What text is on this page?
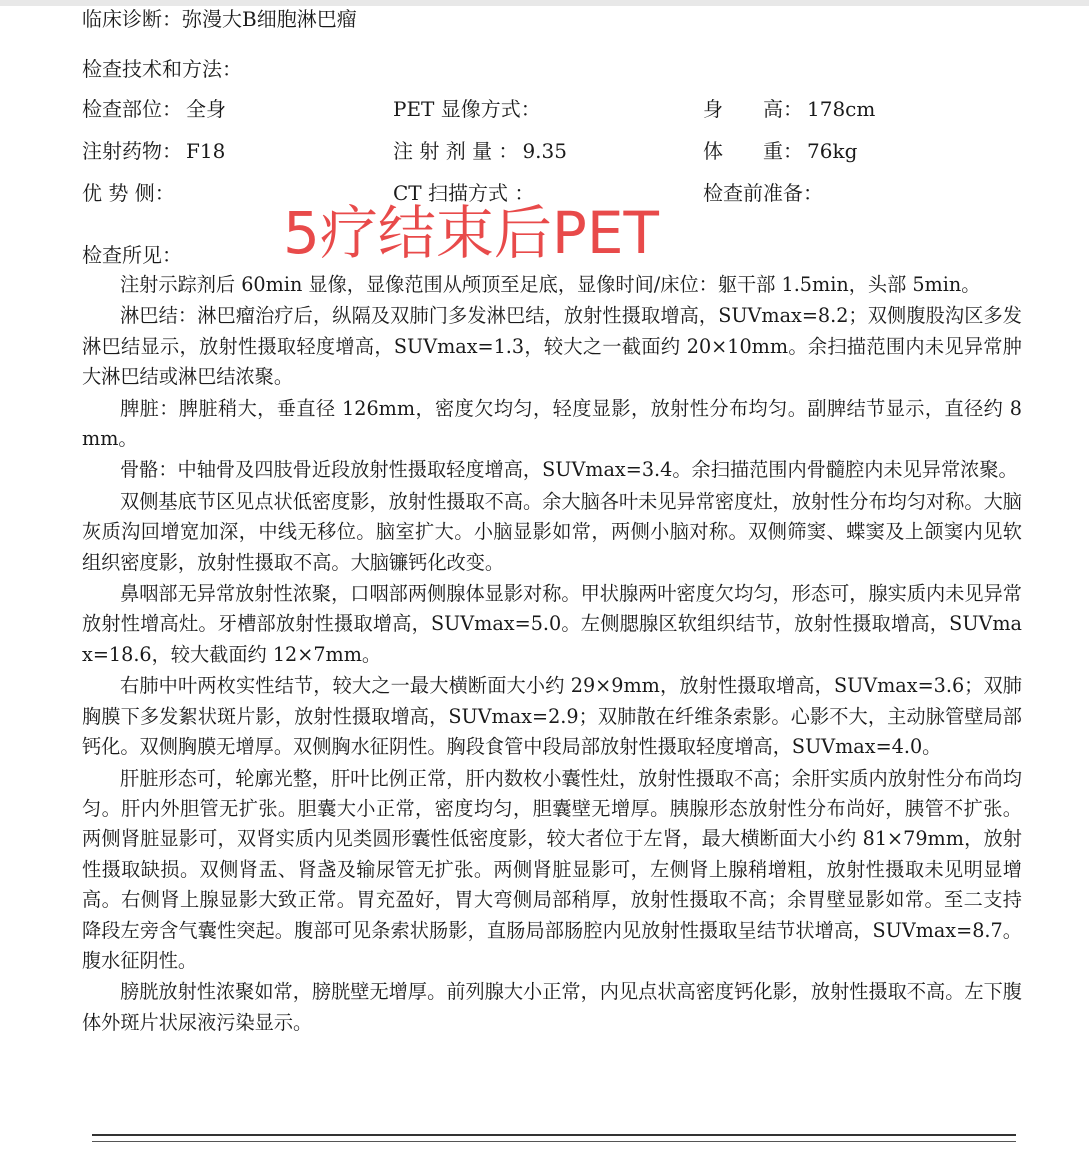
临床诊断：弥漫大B细胞淋巴瘤
检查技术和方法：
检查部位： 全身	PET 显像方式：	身　　高： 178cm
注射药物： F18	注 射 剂 量 ： 9.35	体　　重： 76kg
优 势 侧：	CT 扫描方式 ：	检查前准备：
5疗结束后PET
检查所见：

注射示踪剂后 60min 显像，显像范围从颅顶至足底，显像时间/床位：躯干部 1.5min，头部 5min。

淋巴结：淋巴瘤治疗后，纵隔及双肺门多发淋巴结，放射性摄取增高，SUVmax=8.2；双侧腹股沟区多发淋巴结显示，放射性摄取轻度增高，SUVmax=1.3，较大之一截面约 20×10mm。余扫描范围内未见异常肿大淋巴结或淋巴结浓聚。

脾脏：脾脏稍大，垂直径 126mm，密度欠均匀，轻度显影，放射性分布均匀。副脾结节显示，直径约 8mm。

骨骼：中轴骨及四肢骨近段放射性摄取轻度增高，SUVmax=3.4。余扫描范围内骨髓腔内未见异常浓聚。

双侧基底节区见点状低密度影，放射性摄取不高。余大脑各叶未见异常密度灶，放射性分布均匀对称。大脑灰质沟回增宽加深，中线无移位。脑室扩大。小脑显影如常，两侧小脑对称。双侧筛窦、蝶窦及上颌窦内见软组织密度影，放射性摄取不高。大脑镰钙化改变。

鼻咽部无异常放射性浓聚，口咽部两侧腺体显影对称。甲状腺两叶密度欠均匀，形态可，腺实质内未见异常放射性增高灶。牙槽部放射性摄取增高，SUVmax=5.0。左侧腮腺区软组织结节，放射性摄取增高，SUVmax=18.6，较大截面约 12×7mm。

右肺中叶两枚实性结节，较大之一最大横断面大小约 29×9mm，放射性摄取增高，SUVmax=3.6；双肺胸膜下多发絮状斑片影，放射性摄取增高，SUVmax=2.9；双肺散在纤维条索影。心影不大，主动脉管壁局部钙化。双侧胸膜无增厚。双侧胸水征阴性。胸段食管中段局部放射性摄取轻度增高，SUVmax=4.0。

肝脏形态可，轮廓光整，肝叶比例正常，肝内数枚小囊性灶，放射性摄取不高；余肝实质内放射性分布尚均匀。肝内外胆管无扩张。胆囊大小正常，密度均匀，胆囊壁无增厚。胰腺形态放射性分布尚好，胰管不扩张。两侧肾脏显影可，双肾实质内见类圆形囊性低密度影，较大者位于左肾，最大横断面大小约 81×79mm，放射性摄取缺损。双侧肾盂、肾盏及输尿管无扩张。两侧肾脏显影可，左侧肾上腺稍增粗，放射性摄取未见明显增高。右侧肾上腺显影大致正常。胃充盈好，胃大弯侧局部稍厚，放射性摄取不高；余胃壁显影如常。至二支持降段左旁含气囊性突起。腹部可见条索状肠影，直肠局部肠腔内见放射性摄取呈结节状增高，SUVmax=8.7。腹水征阴性。

膀胱放射性浓聚如常，膀胱壁无增厚。前列腺大小正常，内见点状高密度钙化影，放射性摄取不高。左下腹体外斑片状尿液污染显示。
